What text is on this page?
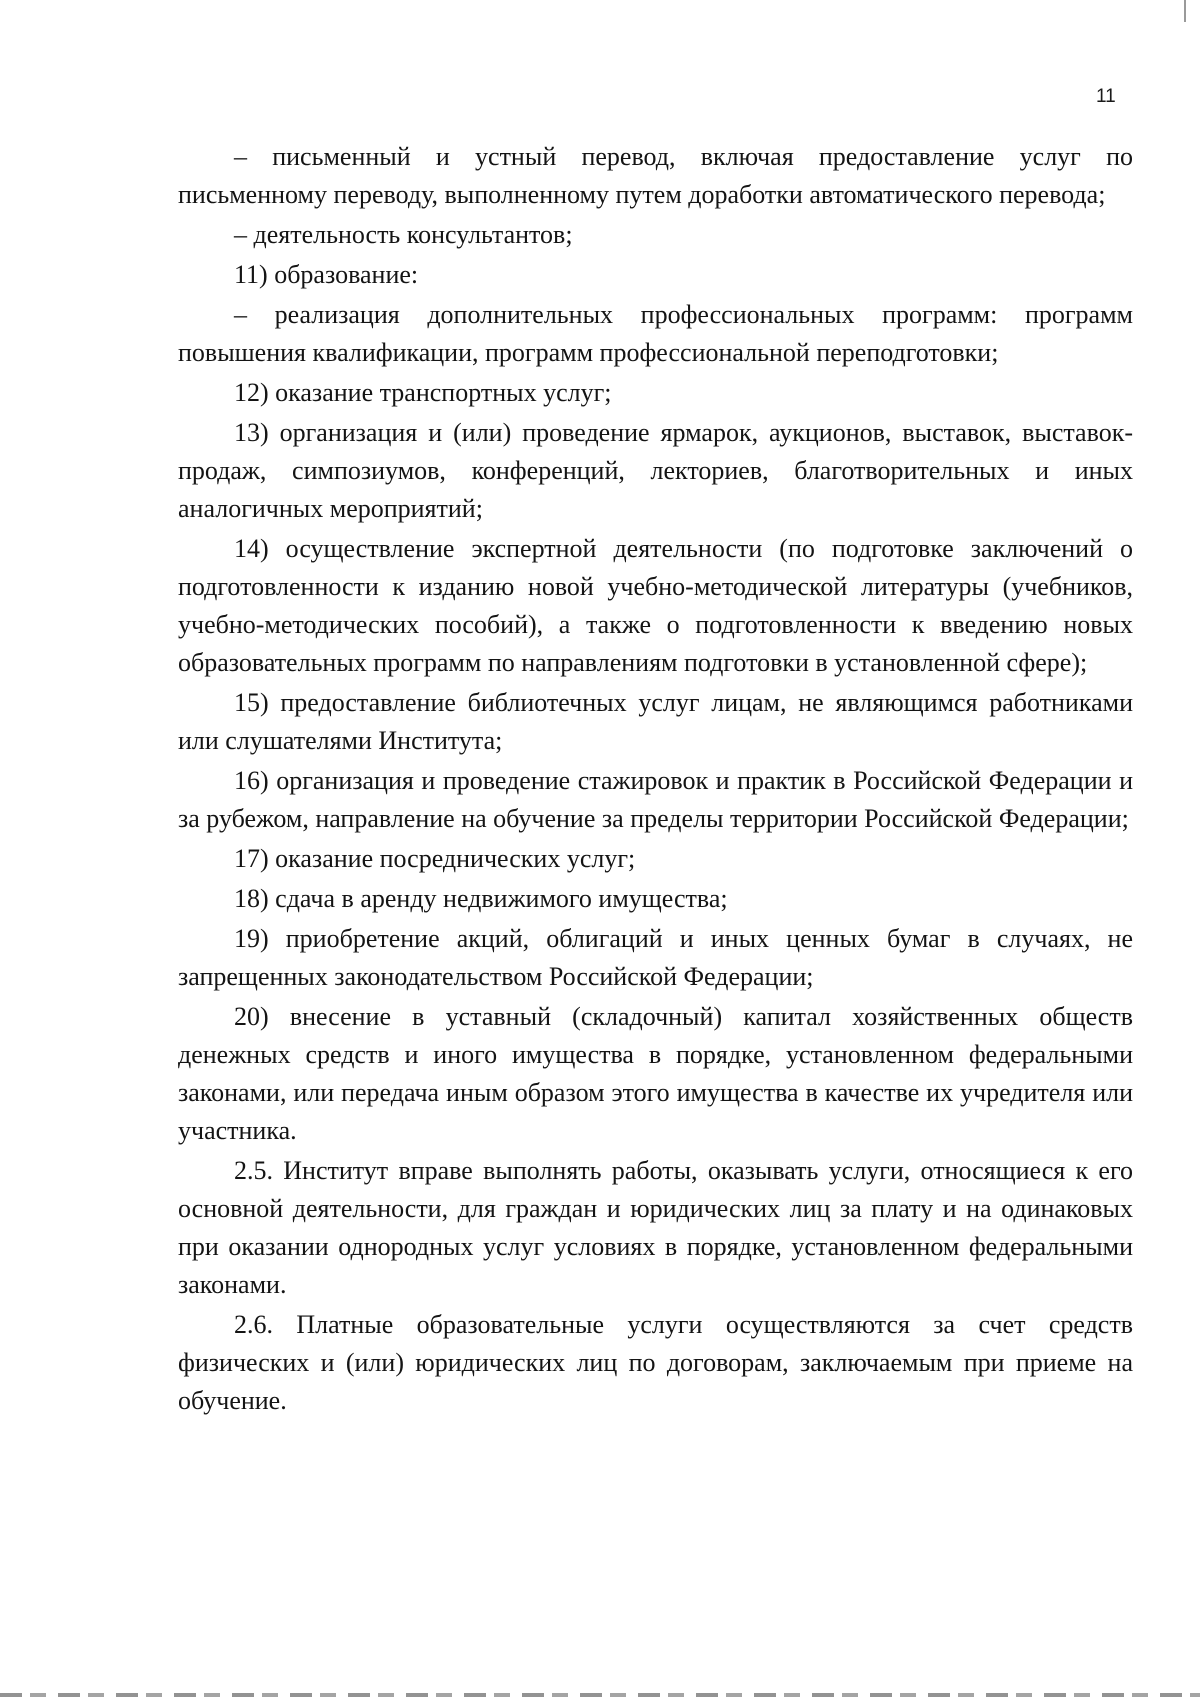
11

– письменный и устный перевод, включая предоставление услуг по письменному переводу, выполненному путем доработки автоматического перевода;

– деятельность консультантов;

11) образование:

– реализация дополнительных профессиональных программ: программ повышения квалификации, программ профессиональной переподготовки;

12) оказание транспортных услуг;

13) организация и (или) проведение ярмарок, аукционов, выставок, выставок-продаж, симпозиумов, конференций, лекториев, благотворительных и иных аналогичных мероприятий;

14) осуществление экспертной деятельности (по подготовке заключений о подготовленности к изданию новой учебно-методической литературы (учебников, учебно-методических пособий), а также о подготовленности к введению новых образовательных программ по направлениям подготовки в установленной сфере);

15) предоставление библиотечных услуг лицам, не являющимся работниками или слушателями Института;

16) организация и проведение стажировок и практик в Российской Федерации и за рубежом, направление на обучение за пределы территории Российской Федерации;

17) оказание посреднических услуг;

18) сдача в аренду недвижимого имущества;

19) приобретение акций, облигаций и иных ценных бумаг в случаях, не запрещенных законодательством Российской Федерации;

20) внесение в уставный (складочный) капитал хозяйственных обществ денежных средств и иного имущества в порядке, установленном федеральными законами, или передача иным образом этого имущества в качестве их учредителя или участника.

2.5. Институт вправе выполнять работы, оказывать услуги, относящиеся к его основной деятельности, для граждан и юридических лиц за плату и на одинаковых при оказании однородных услуг условиях в порядке, установленном федеральными законами.

2.6. Платные образовательные услуги осуществляются за счет средств физических и (или) юридических лиц по договорам, заключаемым при приеме на обучение.
